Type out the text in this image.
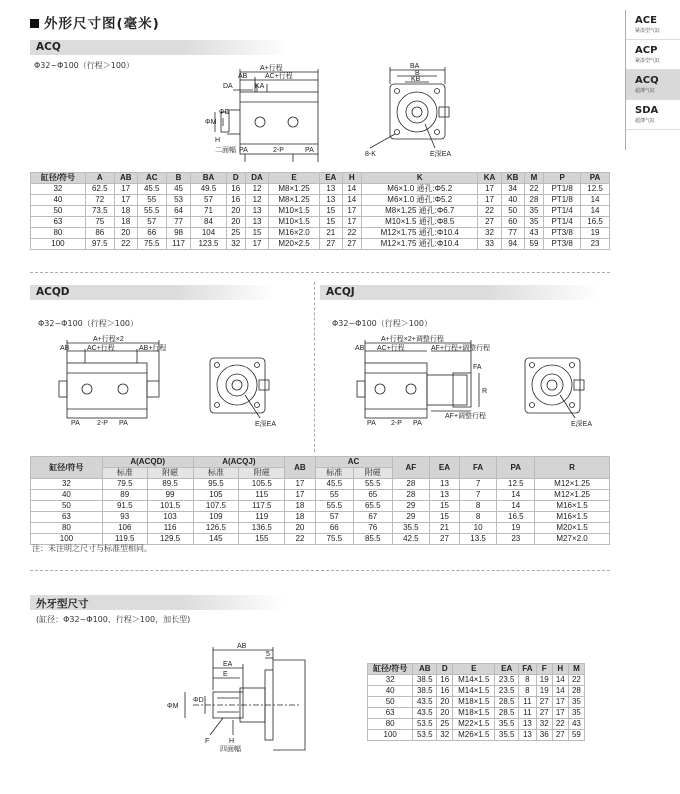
外形尺寸图(毫米)	ACE
紧凑型气缸
ACP
紧凑型气缸
ACQ
超薄气缸
SDA
超薄气缸
ACQ
Φ32~Φ100（行程＞100）	A+行程
AC+行程
AB
DA	KA
ΦM
ΦD
H
二面幅 PA	2-P	PA
BA
B
KB
8-K	E深EA
缸径/符号	A	AB	AC	B	BA	D	DA	E	EA	H	K	KA	KB	M	P	PA
32	62.5	17	45.5	45	49.5	16	12	M8×1.25	13	14	M6×1.0 通孔:Φ5.2	17	34	22	PT1/8	12.5
40	72	17	55	53	57	16	12	M8×1.25	13	14	M6×1.0 通孔:Φ5.2	17	40	28	PT1/8	14
50	73.5	18	55.5	64	71	20	13	M10×1.5	15	17	M8×1.25 通孔:Φ6.7	22	50	35	PT1/4	14
63	75	18	57	77	84	20	13	M10×1.5	15	17	M10×1.5 通孔:Φ8.5	27	60	35	PT1/4	16.5
80	86	20	66	98	104	25	15	M16×2.0	21	22	M12×1.75 通孔:Φ10.4	32	77	43	PT3/8	19
100	97.5	22	75.5	117	123.5	32	17	M20×2.5	27	27	M12×1.75 通孔:Φ10.4	33	94	59	PT3/8	23
ACQD
Φ32~Φ100（行程＞100）
A+行程×2
AB	AC+行程	AB+行程
PA 2-P PA	E深EA
ACQJ
Φ32~Φ100（行程＞100）
A+行程×2+调整行程
AB AC+行程	AF+行程+调整行程
FA
AF+调整行程
R
PA 2-P PA	E深EA
缸径/符号	A(ACQD)		A(ACQJ)		AB	AC		AF	EA	FA	PA	R
	标准	附磁	标准	附磁		标准	附磁					
32	79.5	89.5	95.5	105.5	17	45.5	55.5	28	13	7	12.5	M12×1.25
40	89	99	105	115	17	55	65	28	13	7	14	M12×1.25
50	91.5	101.5	107.5	117.5	18	55.5	65.5	29	15	8	14	M16×1.5
63	93	103	109	119	18	57	67	29	15	8	16.5	M16×1.5
80	106	116	126.5	136.5	20	66	76	35.5	21	10	19	M20×1.5
100	119.5	129.5	145	155	22	75.5	85.5	42.5	27	13.5	23	M27×2.0
注：未注明之尺寸与标准型相同。
外牙型尺寸
(缸径：Φ32~Φ100、行程＞100，加长型)
AB
5
EA
E
ΦM
ΦD
F	H
四面幅
缸径/符号	AB	D	E	EA	FA	F	H	M
32	38.5	16	M14×1.5	23.5	8	19	14	22
40	38.5	16	M14×1.5	23.5	8	19	14	28
50	43.5	20	M18×1.5	28.5	11	27	17	35
63	43.5	20	M18×1.5	28.5	11	27	17	35
80	53.5	25	M22×1.5	35.5	13	32	22	43
100	53.5	32	M26×1.5	35.5	13	36	27	59
